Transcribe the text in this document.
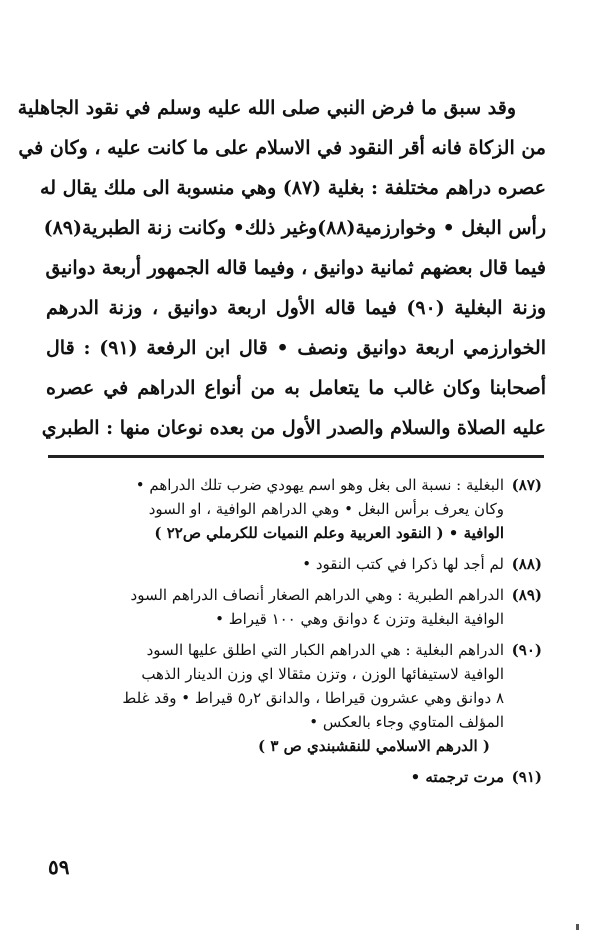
وقد سبق ما فرض النبي صلى الله عليه وسلم في نقود الجاهلية
من الزكاة فانه أقر النقود في الاسلام على ما كانت عليه ، وكان في
عصره دراهم مختلفة : بغلية (٨٧) وهي منسوبة الى ملك يقال له
رأس البغل • وخوارزمية(٨٨)وغير ذلك• وكانت زنة الطبرية(٨٩)
فيما قال بعضهم ثمانية دوانيق ، وفيما قاله الجمهور أربعة دوانيق
وزنة البغلية (٩٠) فيما قاله الأول اربعة دوانيق ، وزنة الدرهم
الخوارزمي اربعة دوانيق ونصف • قال ابن الرفعة (٩١) : قال
أصحابنا وكان غالب ما يتعامل به من أنواع الدراهم في عصره
عليه الصلاة والسلام والصدر الأول من بعده نوعان منها : الطبري
(٨٧)
البغلية : نسبة الى بغل وهو اسم يهودي ضرب تلك الدراهم •
وكان يعرف برأس البغل • وهي الدراهم الوافية ، او السود
الوافية • ( النقود العربية وعلم النميات للكرملي ص٢٢ )
(٨٨)
لم أجد لها ذكرا في كتب النقود •
(٨٩)
الدراهم الطبرية : وهي الدراهم الصغار أنصاف الدراهم السود
الوافية البغلية وتزن ٤ دوانق وهي ١٠٠ قيراط •
(٩٠)
الدراهم البغلية : هي الدراهم الكبار التي اطلق عليها السود
الوافية لاستيفائها الوزن ، وتزن مثقالا اي وزن الدينار الذهب
٨ دوانق وهي عشرون قيراطا ، والدانق ٢ر٥ قيراط • وقد غلط
المؤلف المتاوي وجاء بالعكس •
( الدرهم الاسلامي للنقشبندي ص ٣ )
(٩١)
مرت ترجمته •
٥٩
